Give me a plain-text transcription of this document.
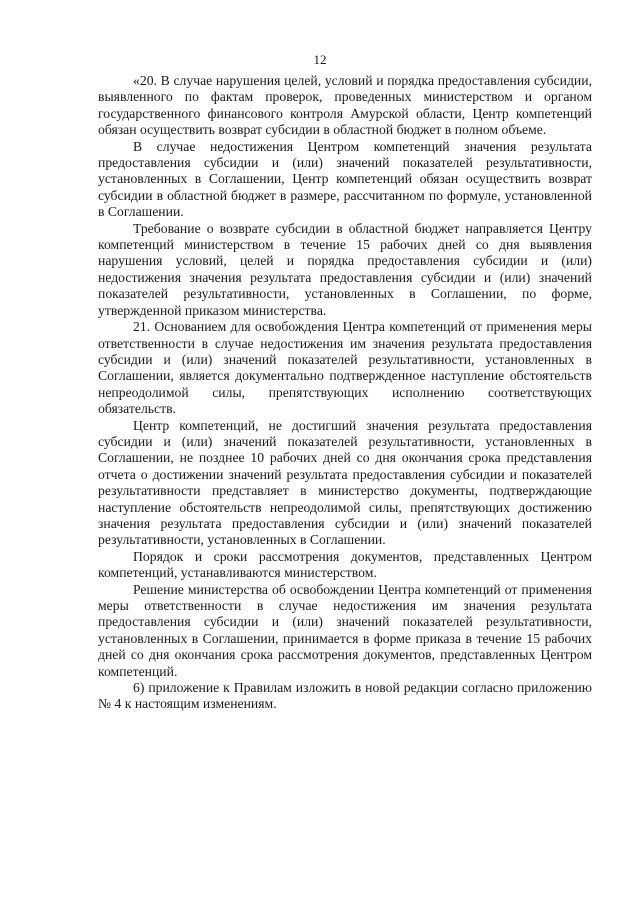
12

«20. В случае нарушения целей, условий и порядка предоставления субсидии, выявленного по фактам проверок, проведенных министерством и органом государственного финансового контроля Амурской области, Центр компетенций обязан осуществить возврат субсидии в областной бюджет в полном объеме.

В случае недостижения Центром компетенций значения результата предоставления субсидии и (или) значений показателей результативности, установленных в Соглашении, Центр компетенций обязан осуществить возврат субсидии в областной бюджет в размере, рассчитанном по формуле, установленной в Соглашении.

Требование о возврате субсидии в областной бюджет направляется Центру компетенций министерством в течение 15 рабочих дней со дня выявления нарушения условий, целей и порядка предоставления субсидии и (или) недостижения значения результата предоставления субсидии и (или) значений показателей результативности, установленных в Соглашении, по форме, утвержденной приказом министерства.

21. Основанием для освобождения Центра компетенций от применения меры ответственности в случае недостижения им значения результата предоставления субсидии и (или) значений показателей результативности, установленных в Соглашении, является документально подтвержденное наступление обстоятельств непреодолимой силы, препятствующих исполнению соответствующих обязательств.

Центр компетенций, не достигший значения результата предоставления субсидии и (или) значений показателей результативности, установленных в Соглашении, не позднее 10 рабочих дней со дня окончания срока представления отчета о достижении значений результата предоставления субсидии и показателей результативности представляет в министерство документы, подтверждающие наступление обстоятельств непреодолимой силы, препятствующих достижению значения результата предоставления субсидии и (или) значений показателей результативности, установленных в Соглашении.

Порядок и сроки рассмотрения документов, представленных Центром компетенций, устанавливаются министерством.

Решение министерства об освобождении Центра компетенций от применения меры ответственности в случае недостижения им значения результата предоставления субсидии и (или) значений показателей результативности, установленных в Соглашении, принимается в форме приказа в течение 15 рабочих дней со дня окончания срока рассмотрения документов, представленных Центром компетенций.

6) приложение к Правилам изложить в новой редакции согласно приложению № 4 к настоящим изменениям.
